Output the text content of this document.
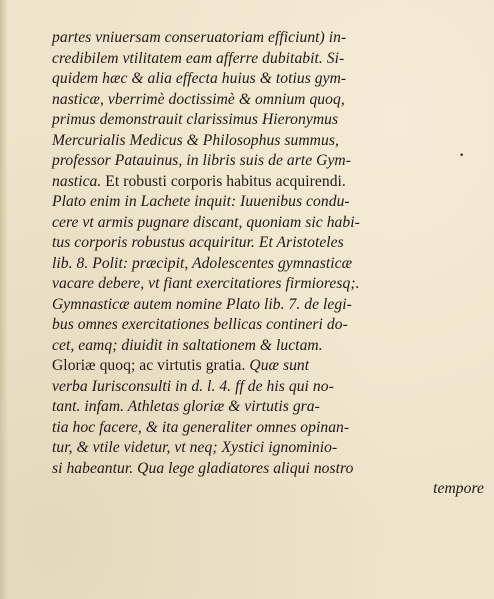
partes vniuersam conseruatoriam efficiunt) in-
credibilem vtilitatem eam afferre dubitabit. Si-
quidem hæc & alia effecta huius & totius gym-
nasticæ, vberrimè doctissimè & omnium quoq,
primus demonstrauit clarissimus Hieronymus
Mercurialis Medicus & Philosophus summus,
professor Patauinus, in libris suis de arte Gym-
nastica. Et robusti corporis habitus acquirendi.
Plato enim in Lachete inquit: Iuuenibus condu-
cere vt armis pugnare discant, quoniam sic habi-
tus corporis robustus acquiritur. Et Aristoteles
lib. 8. Polit: præcipit, Adolescentes gymnasticæ
vacare debere, vt fiant exercitatiores firmioresq;.
Gymnasticæ autem nomine Plato lib. 7. de legi-
bus omnes exercitationes bellicas contineri do-
cet, eamq; diuidit in saltationem & luctam.
Gloriæ quoq; ac virtutis gratia. Quæ sunt
verba Iurisconsulti in d. l. 4. ff de his qui no-
tant. infam. Athletas gloriæ & virtutis gra-
tia hoc facere, & ita generaliter omnes opinan-
tur, & vtile videtur, vt neq; Xystici ignominio-
si habeantur. Qua lege gladiatores aliqui nostro
tempore
•
